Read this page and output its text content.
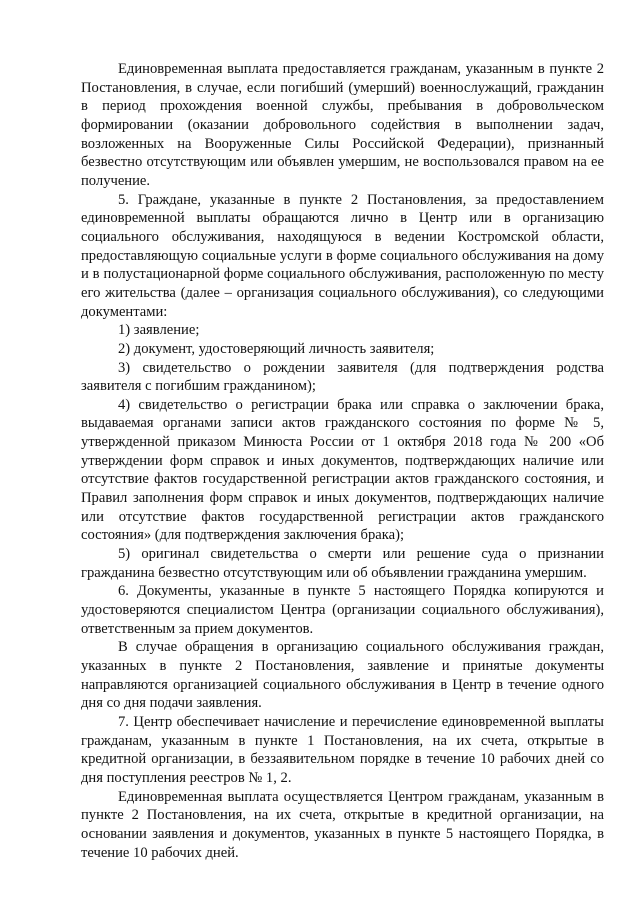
Единовременная выплата предоставляется гражданам, указанным в пункте 2 Постановления, в случае, если погибший (умерший) военнослужащий, гражданин в период прохождения военной службы, пребывания в добровольческом формировании (оказании добровольного содействия в выполнении задач, возложенных на Вооруженные Силы Российской Федерации), признанный безвестно отсутствующим или объявлен умершим, не воспользовался правом на ее получение.

5. Граждане, указанные в пункте 2 Постановления, за предоставлением единовременной выплаты обращаются лично в Центр или в организацию социального обслуживания, находящуюся в ведении Костромской области, предоставляющую социальные услуги в форме социального обслуживания на дому и в полустационарной форме социального обслуживания, расположенную по месту его жительства (далее – организация социального обслуживания), со следующими документами:

1) заявление;

2) документ, удостоверяющий личность заявителя;

3) свидетельство о рождении заявителя (для подтверждения родства заявителя с погибшим гражданином);

4) свидетельство о регистрации брака или справка о заключении брака, выдаваемая органами записи актов гражданского состояния по форме № 5, утвержденной приказом Минюста России от 1 октября 2018 года № 200 «Об утверждении форм справок и иных документов, подтверждающих наличие или отсутствие фактов государственной регистрации актов гражданского состояния, и Правил заполнения форм справок и иных документов, подтверждающих наличие или отсутствие фактов государственной регистрации актов гражданского состояния» (для подтверждения заключения брака);

5) оригинал свидетельства о смерти или решение суда о признании гражданина безвестно отсутствующим или об объявлении гражданина умершим.

6. Документы, указанные в пункте 5 настоящего Порядка копируются и удостоверяются специалистом Центра (организации социального обслуживания), ответственным за прием документов.

В случае обращения в организацию социального обслуживания граждан, указанных в пункте 2 Постановления, заявление и принятые документы направляются организацией социального обслуживания в Центр в течение одного дня со дня подачи заявления.

7. Центр обеспечивает начисление и перечисление единовременной выплаты гражданам, указанным в пункте 1 Постановления, на их счета, открытые в кредитной организации, в беззаявительном порядке в течение 10 рабочих дней со дня поступления реестров № 1, 2.

Единовременная выплата осуществляется Центром гражданам, указанным в пункте 2 Постановления, на их счета, открытые в кредитной организации, на основании заявления и документов, указанных в пункте 5 настоящего Порядка, в течение 10 рабочих дней.
